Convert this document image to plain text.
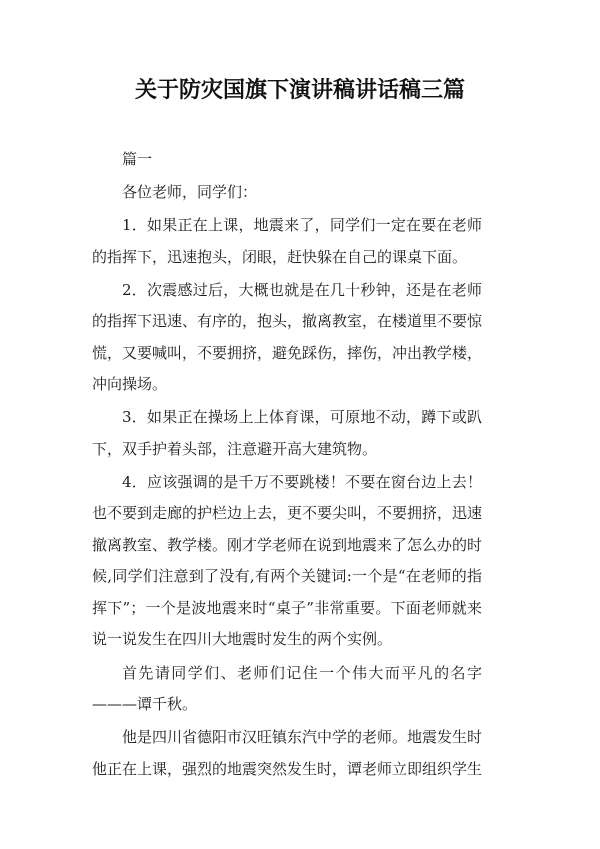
关于防灾国旗下演讲稿讲话稿三篇

篇一

各位老师，同学们：

1．如果正在上课，地震来了，同学们一定在要在老师的指挥下，迅速抱头，闭眼，赶快躲在自己的课桌下面。

2．次震感过后，大概也就是在几十秒钟，还是在老师的指挥下迅速、有序的，抱头，撤离教室，在楼道里不要惊慌，又要喊叫，不要拥挤，避免踩伤，摔伤，冲出教学楼，冲向操场。

3．如果正在操场上上体育课，可原地不动，蹲下或趴下，双手护着头部，注意避开高大建筑物。

4．应该强调的是千万不要跳楼！不要在窗台边上去！也不要到走廊的护栏边上去，更不要尖叫，不要拥挤，迅速撤离教室、教学楼。刚才学老师在说到地震来了怎么办的时候,同学们注意到了没有,有两个关键词:一个是“在老师的指挥下”；一个是波地震来时“桌子”非常重要。下面老师就来说一说发生在四川大地震时发生的两个实例。

首先请同学们、老师们记住一个伟大而平凡的名字———谭千秋。

他是四川省德阳市汉旺镇东汽中学的老师。地震发生时他正在上课，强烈的地震突然发生时，谭老师立即组织学生
